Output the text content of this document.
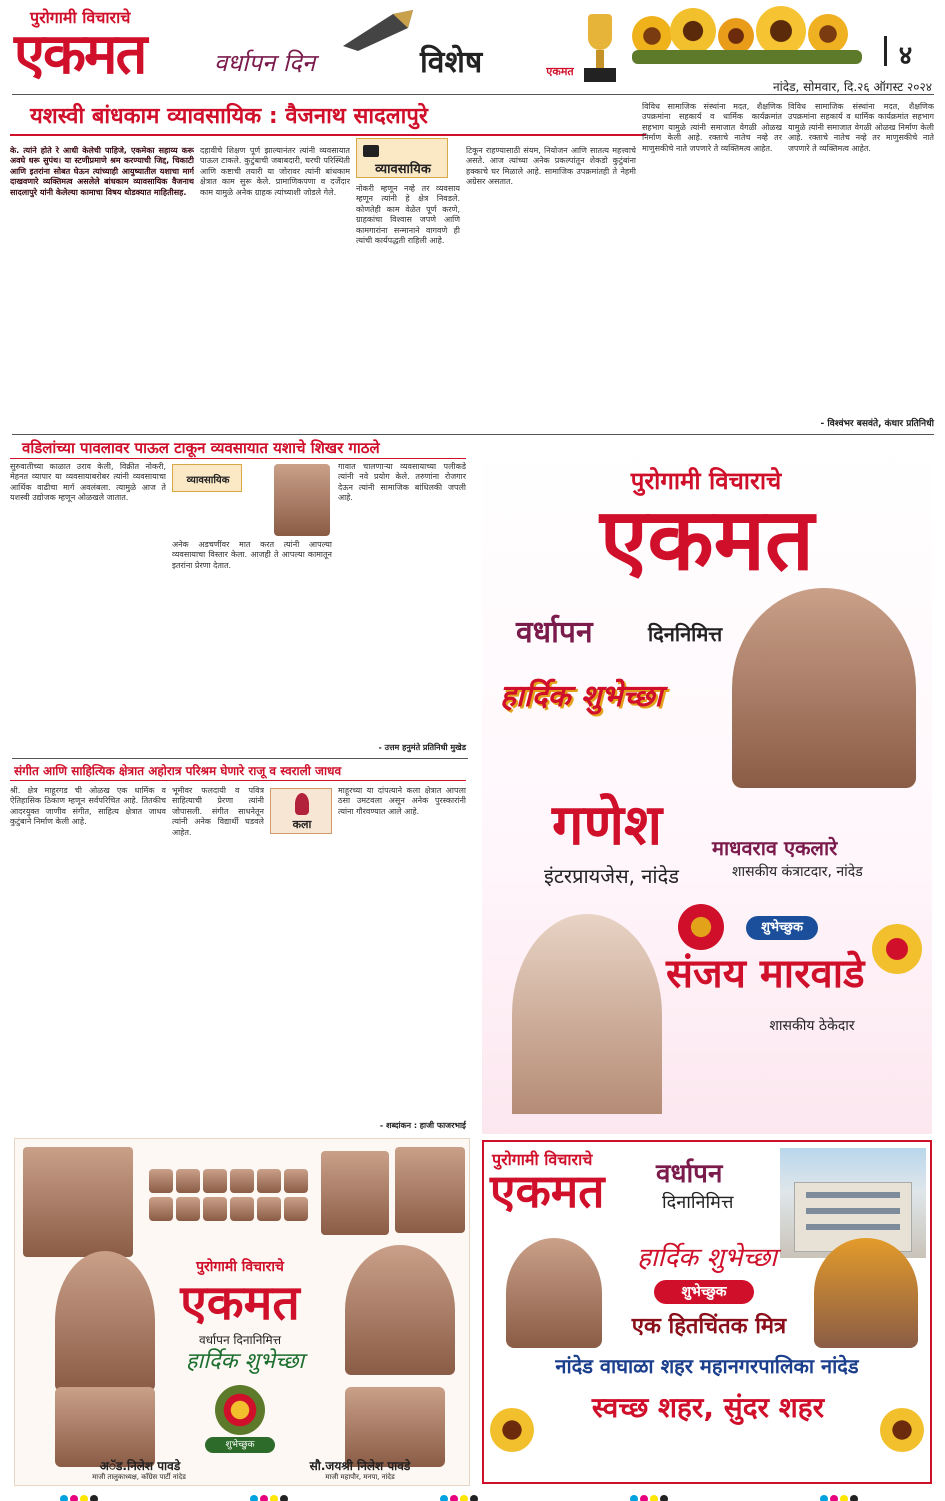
पुरोगामी विचाराचे
एकमत	वर्धापन दिन	विशेष	एकमत
४
नांदेड, सोमवार, दि.२६ ऑगस्ट २०२४
यशस्वी बांधकाम व्यावसायिक : वैजनाथ सादलापुरे
के. त्यांने होते रे आधी केलेची पाहिजे, एकमेका सहाय्य करू अवघे धरू सुपंथ। या स्टणीप्रमाणे श्रम करण्याची जिद्द, चिकाटी आणि इतरांना सोबत घेऊन त्यांच्याही आयुष्यातील यशाचा मार्ग दाखवणारे व्यक्तिमत्व असलेले बांधकाम व्यावसायिक वैजनाथ सादलापुरे यांनी केलेल्या कामाचा विषय थोडक्यात माहितीसह.
दहावीचे शिक्षण पूर्ण झाल्यानंतर त्यांनी व्यवसायात पाऊल टाकले. कुटुंबाची जबाबदारी, घरची परिस्थिती आणि कष्टाची तयारी या जोरावर त्यांनी बांधकाम क्षेत्रात काम सुरू केले. प्रामाणिकपणा व दर्जेदार काम यामुळे अनेक ग्राहक त्यांच्याशी जोडले गेले.
व्यावसायिक
नोकरी म्हणून नव्हे तर व्यवसाय म्हणून त्यांनी हे क्षेत्र निवडले. कोणतेही काम वेळेत पूर्ण करणे, ग्राहकांचा विश्वास जपणे आणि कामगारांना सन्मानाने वागवणे ही त्यांची कार्यपद्धती राहिली आहे.
टिकून राहण्यासाठी संयम, नियोजन आणि सातत्य महत्त्वाचे असते. आज त्यांच्या अनेक प्रकल्पांतून शेकडो कुटुंबांना हक्काचे घर मिळाले आहे. सामाजिक उपक्रमांतही ते नेहमी अग्रेसर असतात.
विविध सामाजिक संस्थांना मदत, शैक्षणिक उपक्रमांना सहकार्य व धार्मिक कार्यक्रमांत सहभाग यामुळे त्यांनी समाजात वेगळी ओळख निर्माण केली आहे. रक्ताचे नातेच नव्हे तर माणुसकीचे नाते जपणारे ते व्यक्तिमत्व आहेत.
विविध सामाजिक संस्थांना मदत, शैक्षणिक उपक्रमांना सहकार्य व धार्मिक कार्यक्रमांत सहभाग यामुळे त्यांनी समाजात वेगळी ओळख निर्माण केली आहे. रक्ताचे नातेच नव्हे तर माणुसकीचे नाते जपणारे ते व्यक्तिमत्व आहेत.
- विश्वंभर बसवंते, कंधार प्रतिनिधी
वडिलांच्या पावलावर पाऊल टाकून व्यवसायात यशाचे शिखर गाठले
सुरुवातीच्या काळात उराव केली, विक्रीत नोकरी, मेहनत व्यापार या व्यवसायाबरोबर त्यांनी व्यवसायाचा आर्थिक वाढीचा मार्ग अवलंबला. त्यामुळे आज ते यशस्वी उद्योजक म्हणून ओळखले जातात.
व्यावसायिक
अनेक अडचणींवर मात करत त्यांनी आपल्या व्यवसायाचा विस्तार केला. आजही ते आपल्या कामातून इतरांना प्रेरणा देतात.
गावात चालणाऱ्या व्यवसायाच्या पलीकडे त्यांनी नवे प्रयोग केले. तरुणांना रोजगार देऊन त्यांनी सामाजिक बांधिलकी जपली आहे.
- उत्तम हनुमंते प्रतिनिधी मुखेड
संगीत आणि साहित्यिक क्षेत्रात अहोरात्र परिश्रम घेणारे राजू व स्वराली जाधव
श्री. क्षेत्र माहूरगड ची ओळख एक धार्मिक व ऐतिहासिक ठिकाण म्हणून सर्वपरिचित आहे. तितकीच आदरयुक्त जाणीव संगीत, साहित्य क्षेत्रात जाधव कुटुंबाने निर्माण केली आहे.
भूमीवर फलदायी व पवित्र साहित्याची प्रेरणा त्यांनी जोपासली. संगीत साधनेतून त्यांनी अनेक विद्यार्थी घडवले आहेत.
कला
माहूरच्या या दांपत्याने कला क्षेत्रात आपला ठसा उमटवला असून अनेक पुरस्कारांनी त्यांना गौरवण्यात आले आहे.
- शब्दांकन : हाजी फाजरभाई
पुरोगामी विचाराचे
एकमत
वर्धापन	दिननिमित्त
हार्दिक शुभेच्छा
गणेश
इंटरप्रायजेस, नांदेड
माधवराव एकलारे
शासकीय कंत्राटदार, नांदेड
शुभेच्छुक
संजय मारवाडे
शासकीय ठेकेदार
पुरोगामी विचाराचे
एकमत
वर्धापन दिनानिमित्त
हार्दिक शुभेच्छा
शुभेच्छुक
अॅड.निलेश पावडे
माजी तालुकाध्यक्ष, कॉंग्रेस पार्टी नांदेड
सौ.जयश्री निलेश पावडे
माजी महापौर, मनपा, नांदेड
पुरोगामी विचाराचे
एकमत	वर्धापन
दिनानिमित्त
हार्दिक शुभेच्छा
शुभेच्छुक
एक हितचिंतक मित्र
नांदेड वाघाळा शहर महानगरपालिका नांदेड
स्वच्छ शहर, सुंदर शहर
